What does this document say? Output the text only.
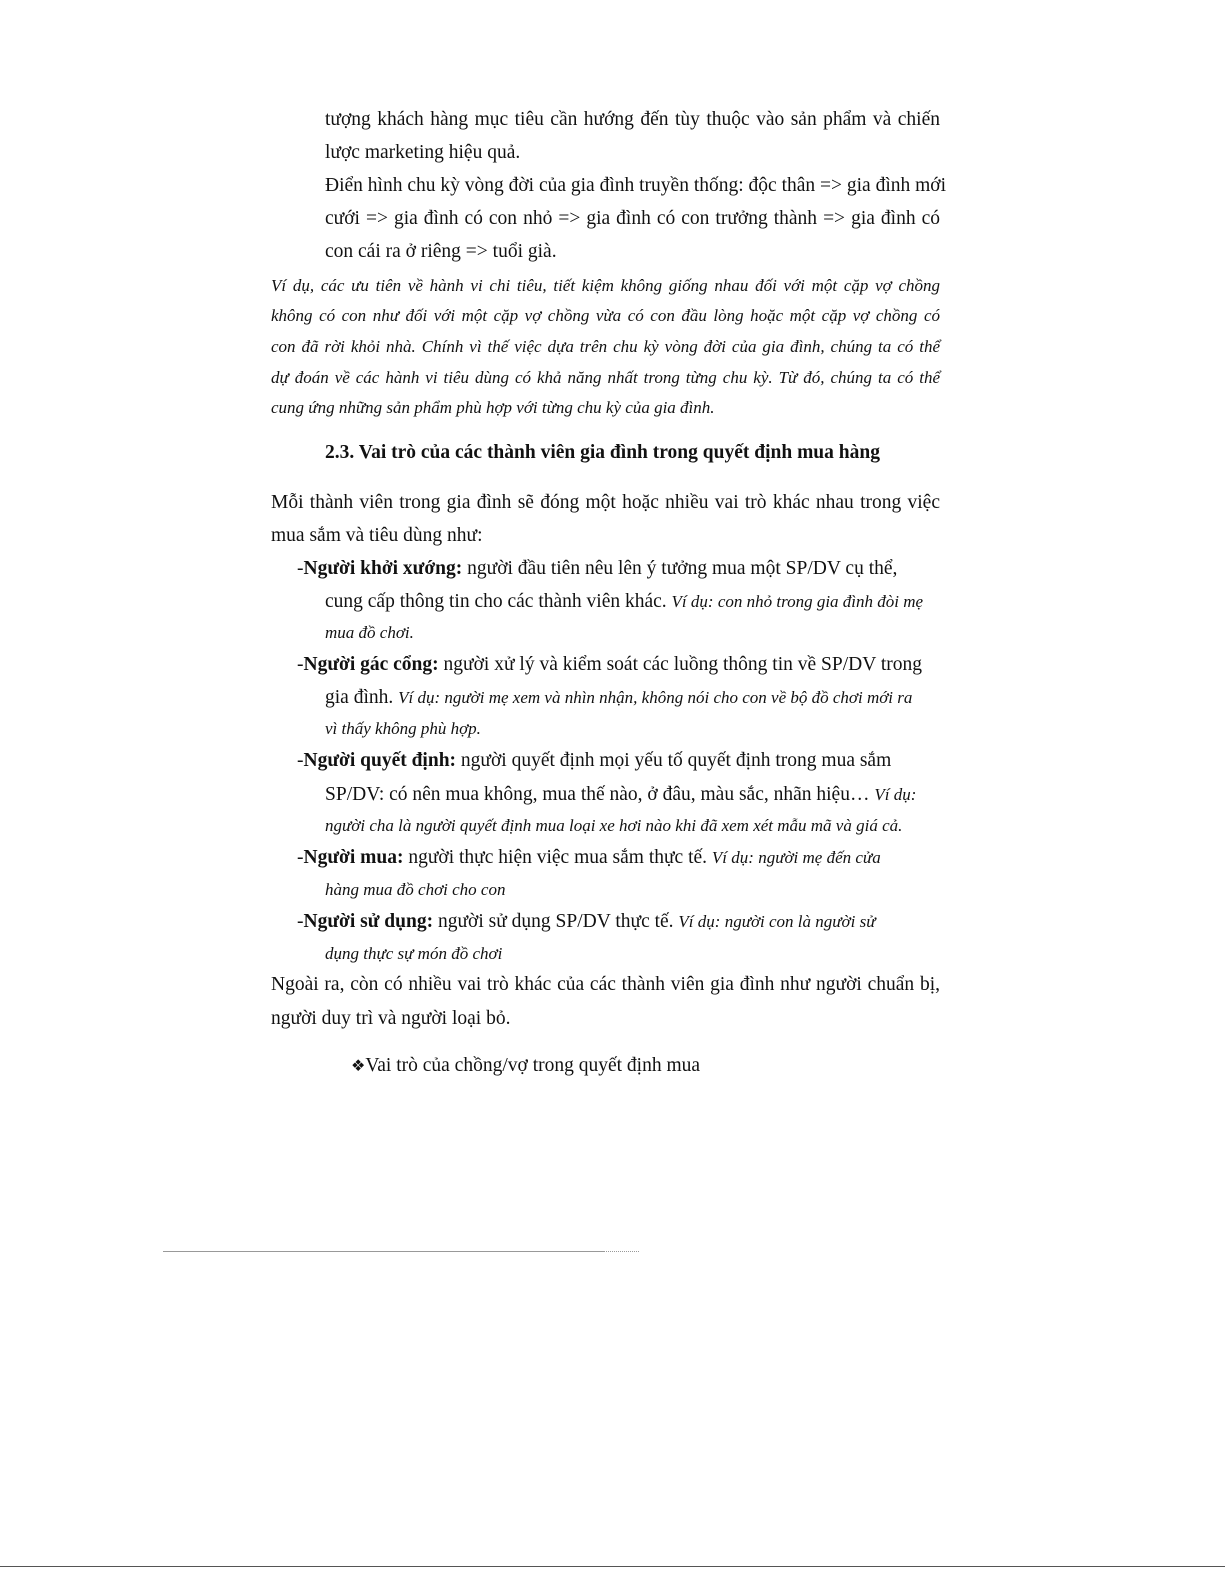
tượng khách hàng mục tiêu cần hướng đến tùy thuộc vào sản phẩm và chiến
lược marketing hiệu quả.
Điển hình chu kỳ vòng đời của gia đình truyền thống: độc thân => gia đình mới
cưới => gia đình có con nhỏ => gia đình có con trưởng thành => gia đình có
con cái ra ở riêng => tuổi già.
Ví dụ, các ưu tiên về hành vi chi tiêu, tiết kiệm không giống nhau đối với một cặp vợ chồng
không có con như đối với một cặp vợ chồng vừa có con đầu lòng hoặc một cặp vợ chồng có
con đã rời khỏi nhà. Chính vì thế việc dựa trên chu kỳ vòng đời của gia đình, chúng ta có thể
dự đoán về các hành vi tiêu dùng có khả năng nhất trong từng chu kỳ. Từ đó, chúng ta có thể
cung ứng những sản phẩm phù hợp với từng chu kỳ của gia đình.
2.3. Vai trò của các thành viên gia đình trong quyết định mua hàng
Mỗi thành viên trong gia đình sẽ đóng một hoặc nhiều vai trò khác nhau trong việc
mua sắm và tiêu dùng như:
-Người khởi xướng: người đầu tiên nêu lên ý tưởng mua một SP/DV cụ thể,
cung cấp thông tin cho các thành viên khác. Ví dụ: con nhỏ trong gia đình đòi mẹ
mua đồ chơi.
-Người gác cổng: người xử lý và kiểm soát các luồng thông tin về SP/DV trong
gia đình. Ví dụ: người mẹ xem và nhìn nhận, không nói cho con về bộ đồ chơi mới ra
vì thấy không phù hợp.
-Người quyết định: người quyết định mọi yếu tố quyết định trong mua sắm
SP/DV: có nên mua không, mua thế nào, ở đâu, màu sắc, nhãn hiệu… Ví dụ:
người cha là người quyết định mua loại xe hơi nào khi đã xem xét mẫu mã và giá cả.
-Người mua: người thực hiện việc mua sắm thực tế. Ví dụ: người mẹ đến cửa
hàng mua đồ chơi cho con
-Người sử dụng: người sử dụng SP/DV thực tế. Ví dụ: người con là người sử
dụng thực sự món đồ chơi
Ngoài ra, còn có nhiều vai trò khác của các thành viên gia đình như người chuẩn bị,
người duy trì và người loại bỏ.
❖Vai trò của chồng/vợ trong quyết định mua
